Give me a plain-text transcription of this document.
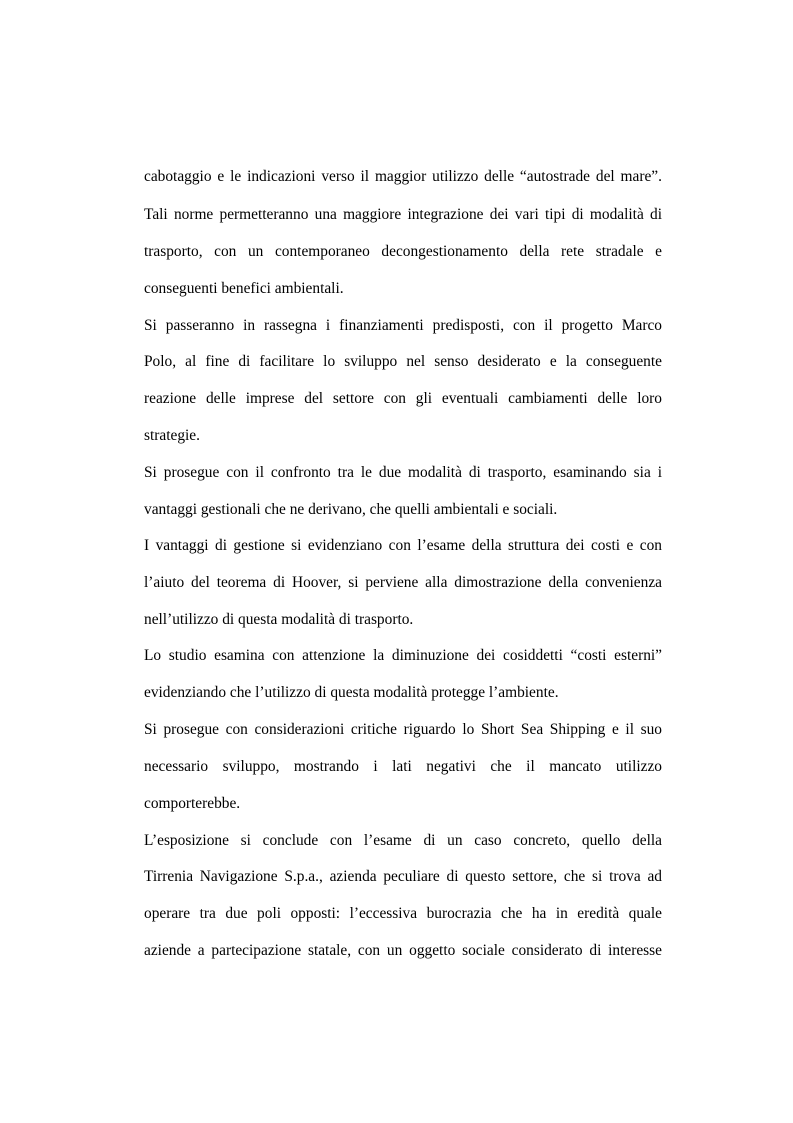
cabotaggio e le indicazioni verso il maggior utilizzo delle “autostrade del mare”.
Tali norme permetteranno una maggiore integrazione dei vari tipi di modalità di
trasporto, con un contemporaneo decongestionamento della rete stradale e
conseguenti benefici ambientali.
Si passeranno in rassegna i finanziamenti predisposti, con il progetto Marco
Polo, al fine di facilitare lo sviluppo nel senso desiderato e la conseguente
reazione delle imprese del settore con gli eventuali cambiamenti delle loro
strategie.
Si prosegue con il confronto tra le due modalità di trasporto, esaminando sia i
vantaggi gestionali che ne derivano, che quelli ambientali e sociali.
I vantaggi di gestione si evidenziano con l’esame della struttura dei costi e con
l’aiuto del teorema di Hoover, si perviene alla dimostrazione della convenienza
nell’utilizzo di questa modalità di trasporto.
Lo studio esamina con attenzione la diminuzione dei cosiddetti “costi esterni”
evidenziando che l’utilizzo di questa modalità protegge l’ambiente.
Si prosegue con considerazioni critiche riguardo lo Short Sea Shipping e il suo
necessario sviluppo, mostrando i lati negativi che il mancato utilizzo
comporterebbe.
L’esposizione si conclude con l’esame di un caso concreto, quello della
Tirrenia Navigazione S.p.a., azienda peculiare di questo settore, che si trova ad
operare tra due poli opposti: l’eccessiva burocrazia che ha in eredità quale
aziende a partecipazione statale, con un oggetto sociale considerato di interesse
